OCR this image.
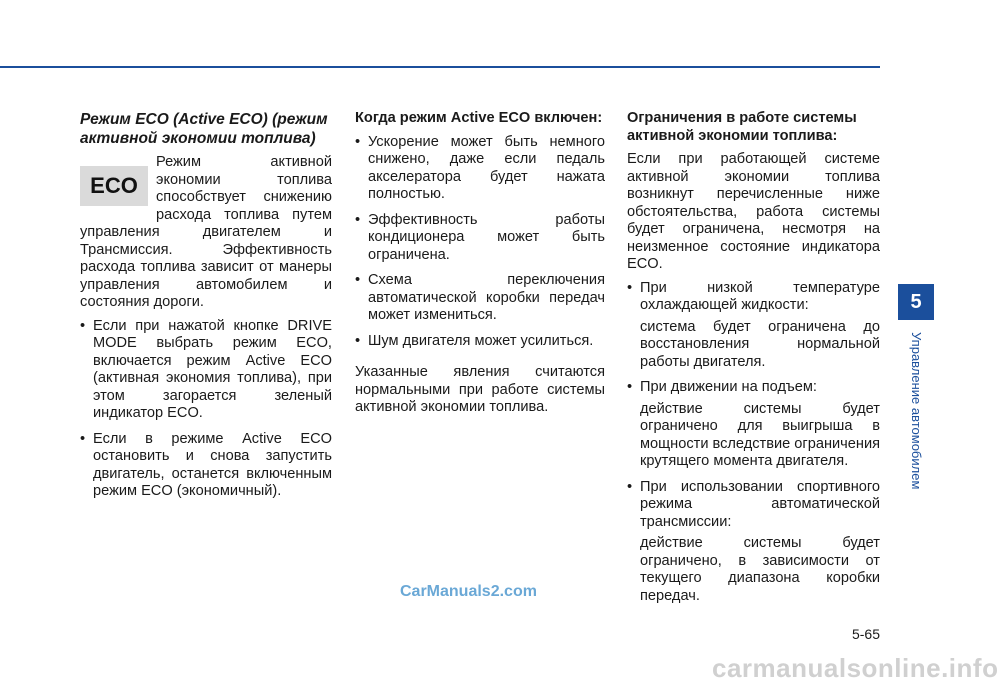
Режим ECO (Active ECO) (режим активной экономии топлива)
ECO

Режим активной экономии топлива способствует снижению расхода топлива путем управления двигателем и Трансмиссия. Эффективность расхода топлива зависит от манеры управления автомобилем и состояния дороги.

• Если при нажатой кнопке DRIVE MODE выбрать режим ECO, включается режим Active ECO (активная экономия топлива), при этом загорается зеленый индикатор ECO.
• Если в режиме Active ECO остановить и снова запустить двигатель, останется включенным режим ECO (экономичный).
Когда режим Active ECO включен:
• Ускорение может быть немного снижено, даже если педаль акселератора будет нажата полностью.
• Эффективность работы кондиционера может быть ограничена.
• Схема переключения автоматической коробки передач может измениться.
• Шум двигателя может усилиться.

Указанные явления считаются нормальными при работе системы активной экономии топлива.

Ограничения в работе системы активной экономии топлива:

Если при работающей системе активной экономии топлива возникнут перечисленные ниже обстоятельства, работа системы будет ограничена, несмотря на неизменное состояние индикатора ECO.

• При низкой температуре охлаждающей жидкости:
система будет ограничена до восстановления нормальной работы двигателя.
• При движении на подъем:
действие системы будет ограничено для выигрыша в мощности вследствие ограничения крутящего момента двигателя.
• При использовании спортивного режима автоматической трансмиссии:
действие системы будет ограничено, в зависимости от текущего диапазона коробки передач.
5
Управление автомобилем
5-65
CarManuals2.com
carmanualsonline.info
